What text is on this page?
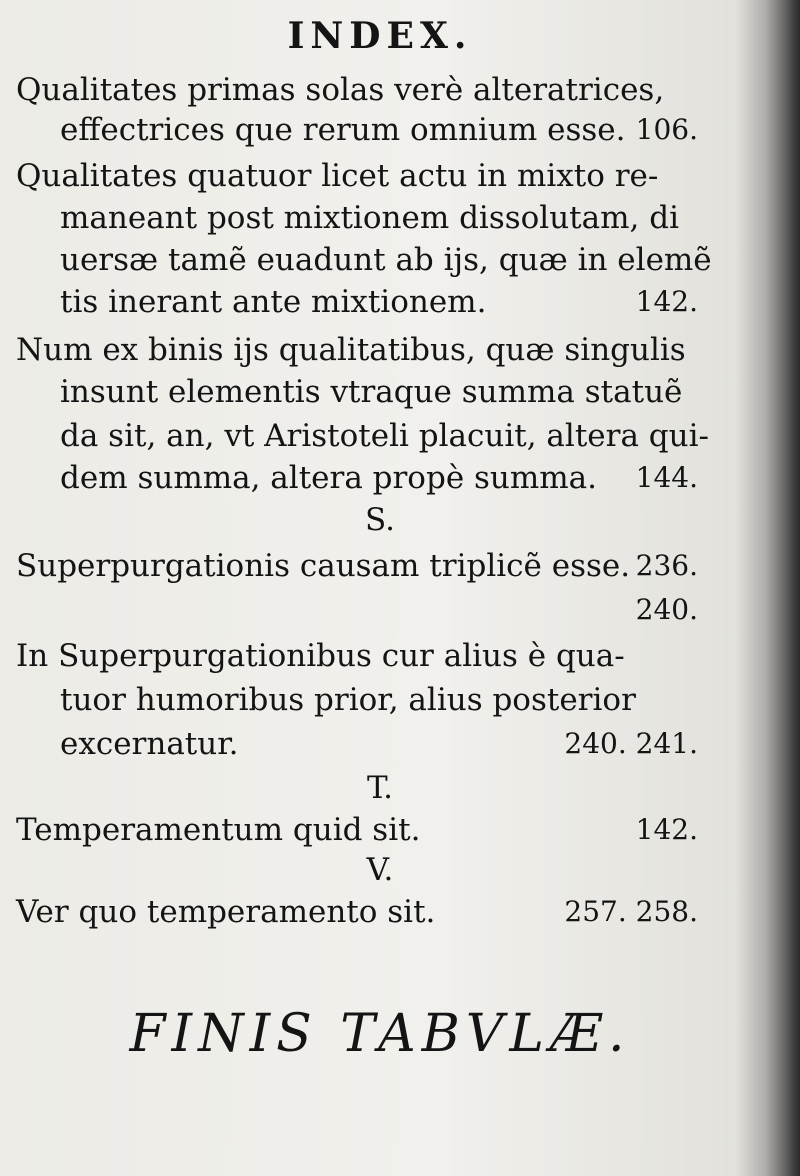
INDEX.
Qualitates primas solas verè alteratrices,
effectrices que rerum omnium esse. 106.
Qualitates quatuor licet actu in mixto re-
maneant post mixtionem dissolutam, di
uersæ tamẽ euadunt ab ijs, quæ in elemẽ
tis inerant ante mixtionem.	142.
Num ex binis ijs qualitatibus, quæ singulis
insunt elementis vtraque summa statuẽ
da sit, an, vt Aristoteli placuit, altera qui-
dem summa, altera propè summa. 144.
S.
Superpurgationis causam triplicẽ esse. 236.
240.
In Superpurgationibus cur alius è qua-
tuor humoribus prior, alius posterior
excernatur.	240. 241.
T.
Temperamentum quid sit.	142.
V.
Ver quo temperamento sit.	257. 258.
FINIS TABVLÆ.
